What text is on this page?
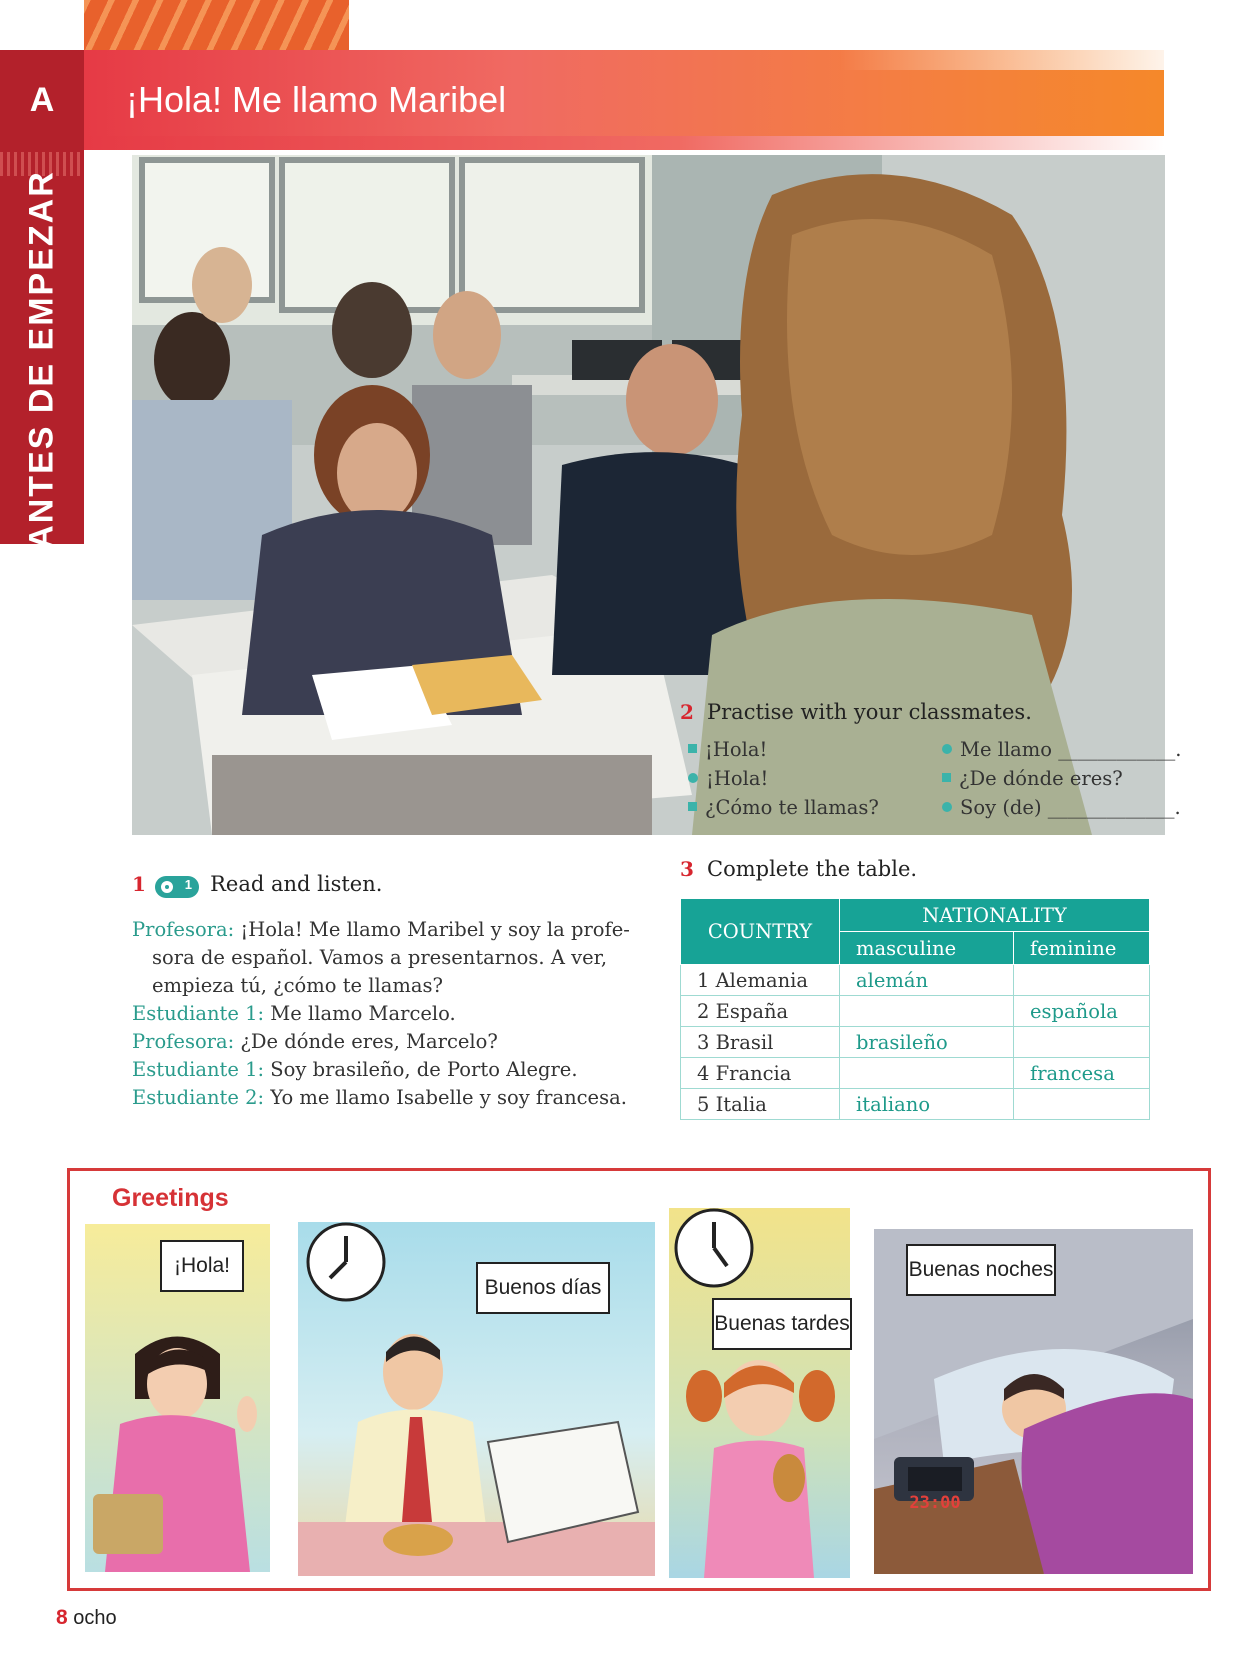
A
ANTES DE EMPEZAR
¡Hola! Me llamo Maribel
1	1 Read and listen.
Profesora: ¡Hola! Me llamo Maribel y soy la profe-sora de español. Vamos a presentarnos. A ver, empieza tú, ¿cómo te llamas?
Estudiante 1: Me llamo Marcelo.
Profesora: ¿De dónde eres, Marcelo?
Estudiante 1: Soy brasileño, de Porto Alegre.
Estudiante 2: Yo me llamo Isabelle y soy francesa.
2 Practise with your classmates.
¡Hola!
¡Hola!
¿Cómo te llamas?
Me llamo ____________.
¿De dónde eres?
Soy (de) _____________.
3 Complete the table.
COUNTRY	NATIONALITY	
	masculine	feminine
1 Alemania	alemán	
2 España		española
3 Brasil	brasileño	
4 Francia		francesa
5 Italia	italiano	
Greetings
¡Hola!
Buenos días
Buenas tardes
Buenas noches
23:00
8 ocho
